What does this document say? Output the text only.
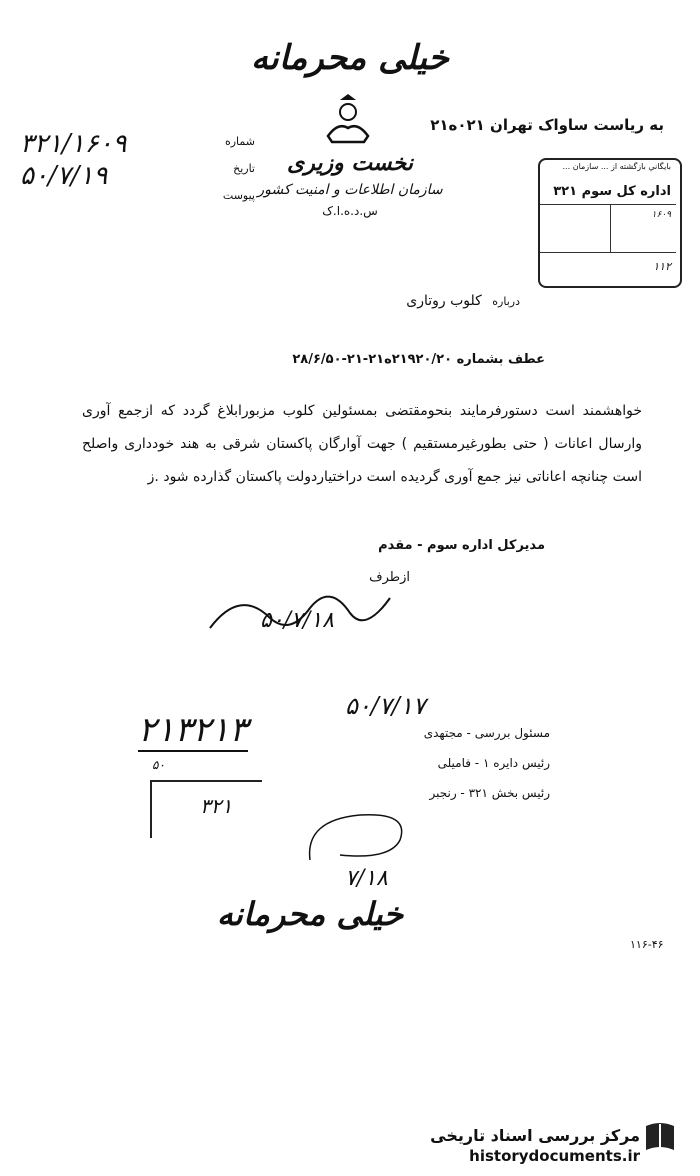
خیلی محرمانه
نخست وزیری
سازمان اطلاعات و امنیت کشور
س.د.ه.ا.ک
شماره
تاریخ
پیوست
۳۲۱/۱۶۰۹
۵۰/۷/۱۹
به ریاست ساواک تهران ۰۲۱ه۲۱
بايگاني بازگشته از ... سازمان ...
اداره کل سوم ۳۲۱
۱۶۰۹
۱۱۲
درباره کلوب روتاری
عطف بشماره ۲۱۹۲۰/۲۰ه۲۱-۲۱-۲۸/۶/۵۰
خواهشمند است دستورفرمایند بنحومقتضی بمسئولین کلوب مزبورابلاغ گردد که ازجمع آوری وارسال اعانات ( حتی بطورغیرمستقیم ) جهت آوارگان پاکستان شرقی به هند خودداری واصلح است چنانچه اعاناتی نیز جمع آوری گردیده است دراختیاردولت پاکستان گذارده شود .ز
مدیرکل اداره سوم - مقدم
ازطرف
۵۰/۷/۱۸
۲۱۳۲۱۳
۵۰/۷/۱۷
مسئول بررسی - مجتهدی
رئیس دایره ۱ - فامیلی
رئیس بخش ۳۲۱ - رنجبر
۵۰
۳۲۱
۷/۱۸
خیلی محرمانه
۱۱۶-۴۶
مرکز بررسی اسناد تاریخی
historydocuments.ir
